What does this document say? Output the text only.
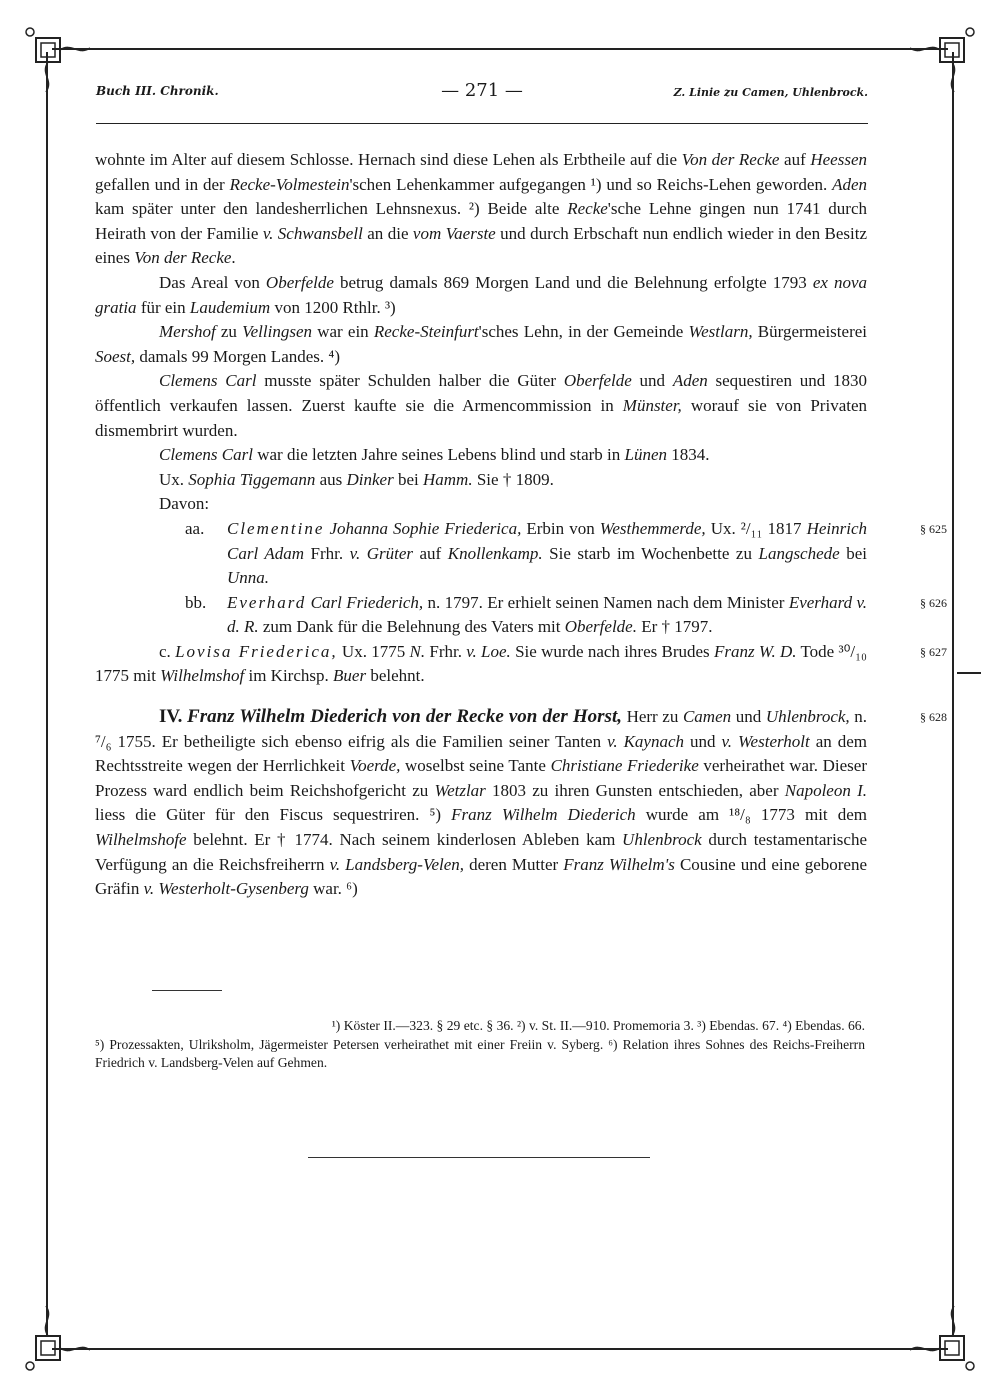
Buch III. Chronik.	— 271 —	Z. Linie zu Camen, Uhlenbrock.

wohnte im Alter auf diesem Schlosse. Hernach sind diese Lehen als Erbtheile auf die Von der Recke auf Heessen gefallen und in der Recke-Volmestein'schen Lehenkammer aufgegangen ¹) und so Reichs-Lehen geworden. Aden kam später unter den landesherrlichen Lehnsnexus. ²) Beide alte Recke'sche Lehne gingen nun 1741 durch Heirath von der Familie v. Schwansbell an die vom Vaerste und durch Erbschaft nun endlich wieder in den Besitz eines Von der Recke.

Das Areal von Oberfelde betrug damals 869 Morgen Land und die Belehnung erfolgte 1793 ex nova gratia für ein Laudemium von 1200 Rthlr. ³)

Mershof zu Vellingsen war ein Recke-Steinfurt'sches Lehn, in der Gemeinde Westlarn, Bürgermeisterei Soest, damals 99 Morgen Landes. ⁴)

Clemens Carl musste später Schulden halber die Güter Oberfelde und Aden sequestiren und 1830 öffentlich verkaufen lassen. Zuerst kaufte sie die Armencommission in Münster, worauf sie von Privaten dismembrirt wurden.

Clemens Carl war die letzten Jahre seines Lebens blind und starb in Lünen 1834.

Ux. Sophia Tiggemann aus Dinker bei Hamm. Sie † 1809.

Davon:

aa.	§ 625
Clementine Johanna Sophie Friederica, Erbin von Westhemmerde, Ux. ²/₁₁ 1817 Heinrich Carl Adam Frhr. v. Grüter auf Knollenkamp. Sie starb im Wochenbette zu Langschede bei Unna.

bb.	§ 626
Everhard Carl Friederich, n. 1797. Er erhielt seinen Namen nach dem Minister Everhard v. d. R. zum Dank für die Belehnung des Vaters mit Oberfelde. Er † 1797.

§ 627
c. Lovisa Friederica, Ux. 1775 N. Frhr. v. Loe. Sie wurde nach ihres Brudes Franz W. D. Tode ³⁰/₁₀ 1775 mit Wilhelmshof im Kirchsp. Buer belehnt.

§ 628
IV. Franz Wilhelm Diederich von der Recke von der Horst, Herr zu Camen und Uhlenbrock, n. ⁷/₆ 1755. Er betheiligte sich ebenso eifrig als die Familien seiner Tanten v. Kaynach und v. Westerholt an dem Rechtsstreite wegen der Herrlichkeit Voerde, woselbst seine Tante Christiane Friederike verheirathet war. Dieser Prozess ward endlich beim Reichshofgericht zu Wetzlar 1803 zu ihren Gunsten entschieden, aber Napoleon I. liess die Güter für den Fiscus sequestriren. ⁵) Franz Wilhelm Diederich wurde am ¹⁸/₈ 1773 mit dem Wilhelmshofe belehnt. Er † 1774. Nach seinem kinderlosen Ableben kam Uhlenbrock durch testamentarische Verfügung an die Reichsfreiherrn v. Landsberg-Velen, deren Mutter Franz Wilhelm's Cousine und eine geborene Gräfin v. Westerholt-Gysenberg war. ⁶)

¹) Köster II.—323. § 29 etc. § 36. ²) v. St. II.—910. Promemoria 3. ³) Ebendas. 67. ⁴) Ebendas. 66.

⁵) Prozessakten, Ulriksholm, Jägermeister Petersen verheirathet mit einer Freiin v. Syberg. ⁶) Relation ihres Sohnes des Reichs-Freiherrn Friedrich v. Landsberg-Velen auf Gehmen.
